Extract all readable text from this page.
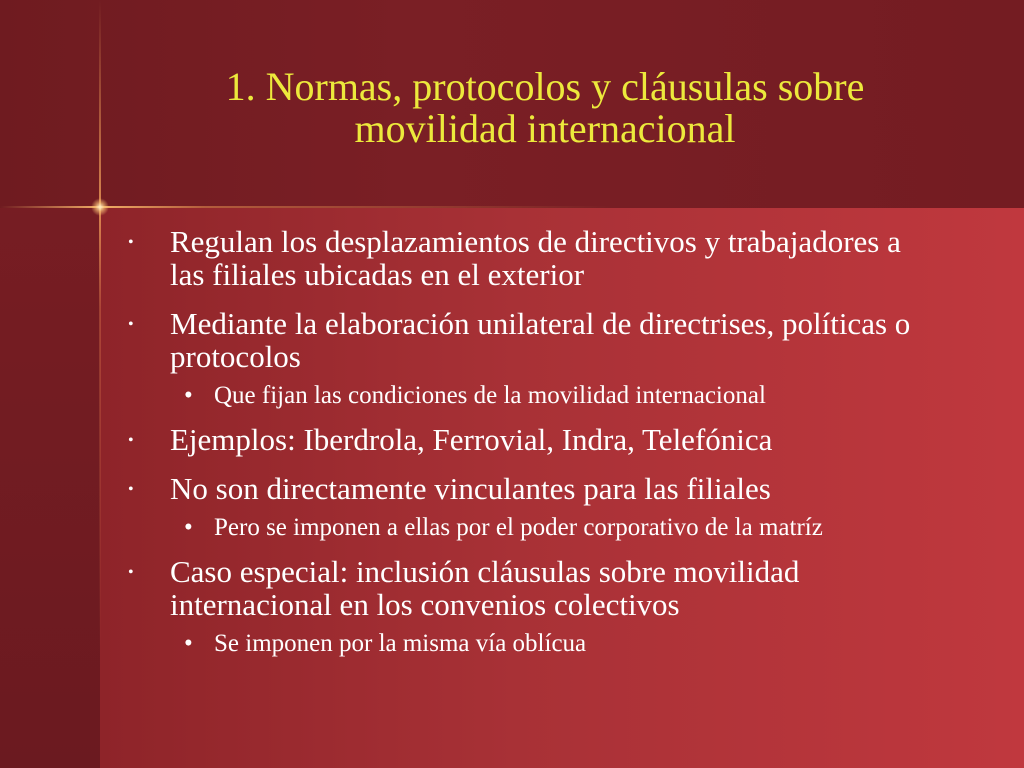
1. Normas, protocolos y cláusulas sobre
movilidad internacional
• Regulan los desplazamientos de directivos y trabajadores a las filiales ubicadas en el exterior
• Mediante la elaboración unilateral de directrises, políticas o protocolos
• Que fijan las condiciones de la movilidad internacional
• Ejemplos: Iberdrola, Ferrovial, Indra, Telefónica
• No son directamente vinculantes para las filiales
• Pero se imponen a ellas por el poder corporativo de la matríz
• Caso especial: inclusión cláusulas sobre movilidad internacional en los convenios colectivos
• Se imponen por la misma vía oblícua
